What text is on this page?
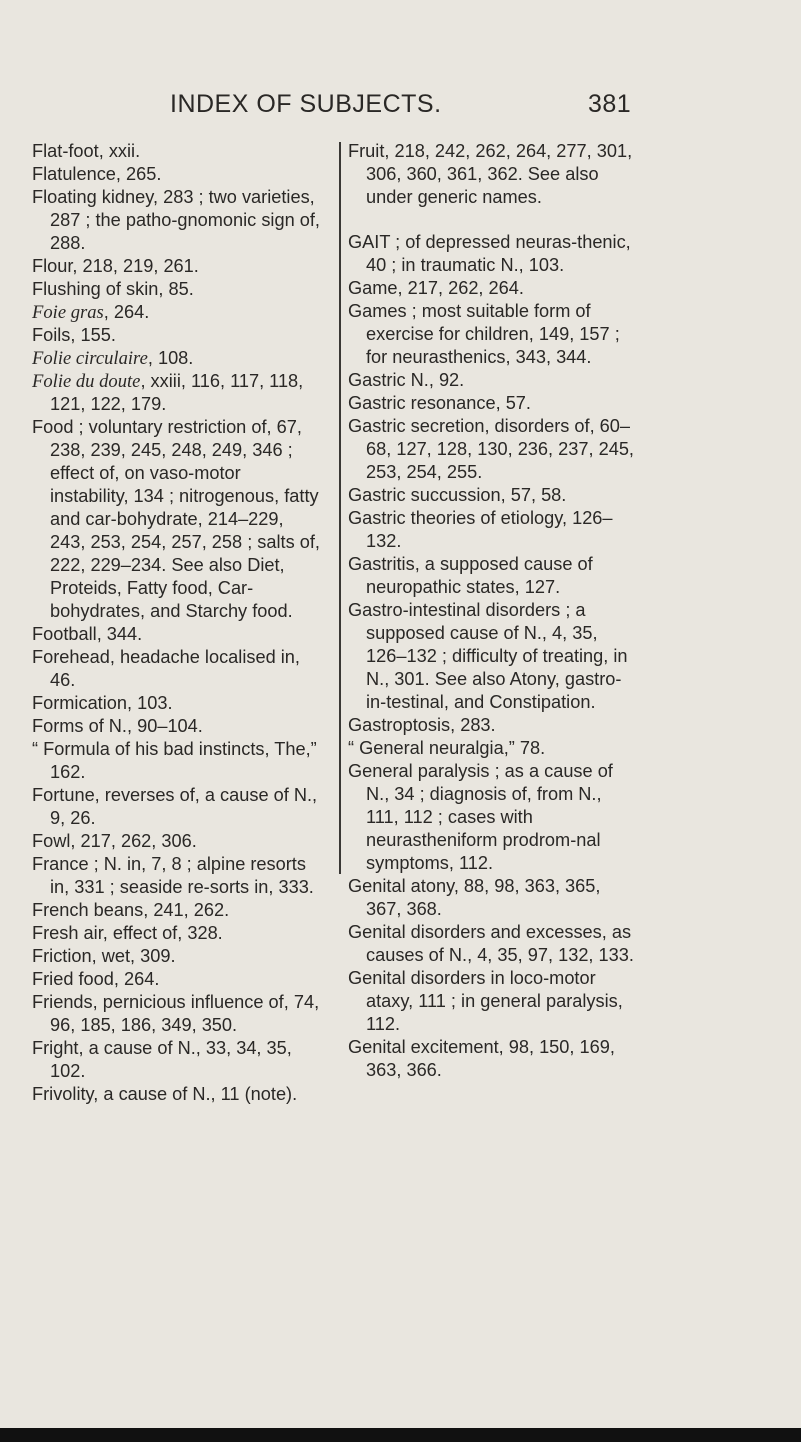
INDEX OF SUBJECTS.	381

Flat-foot, xxii.

Flatulence, 265.

Floating kidney, 283 ; two varieties, 287 ; the patho-gnomonic sign of, 288.

Flour, 218, 219, 261.

Flushing of skin, 85.

Foie gras, 264.

Foils, 155.

Folie circulaire, 108.

Folie du doute, xxiii, 116, 117, 118, 121, 122, 179.

Food ; voluntary restriction of, 67, 238, 239, 245, 248, 249, 346 ; effect of, on vaso-motor instability, 134 ; nitrogenous, fatty and car-bohydrate, 214–229, 243, 253, 254, 257, 258 ; salts of, 222, 229–234. See also Diet, Proteids, Fatty food, Car-bohydrates, and Starchy food.

Football, 344.

Forehead, headache localised in, 46.

Formication, 103.

Forms of N., 90–104.

“ Formula of his bad instincts, The,” 162.

Fortune, reverses of, a cause of N., 9, 26.

Fowl, 217, 262, 306.

France ; N. in, 7, 8 ; alpine resorts in, 331 ; seaside re-sorts in, 333.

French beans, 241, 262.

Fresh air, effect of, 328.

Friction, wet, 309.

Fried food, 264.

Friends, pernicious influence of, 74, 96, 185, 186, 349, 350.

Fright, a cause of N., 33, 34, 35, 102.

Frivolity, a cause of N., 11 (note).

Fruit, 218, 242, 262, 264, 277, 301, 306, 360, 361, 362. See also under generic names.

GAIT ; of depressed neuras-thenic, 40 ; in traumatic N., 103.

Game, 217, 262, 264.

Games ; most suitable form of exercise for children, 149, 157 ; for neurasthenics, 343, 344.

Gastric N., 92.

Gastric resonance, 57.

Gastric secretion, disorders of, 60–68, 127, 128, 130, 236, 237, 245, 253, 254, 255.

Gastric succussion, 57, 58.

Gastric theories of etiology, 126–132.

Gastritis, a supposed cause of neuropathic states, 127.

Gastro-intestinal disorders ; a supposed cause of N., 4, 35, 126–132 ; difficulty of treating, in N., 301. See also Atony, gastro-in-testinal, and Constipation.

Gastroptosis, 283.

“ General neuralgia,” 78.

General paralysis ; as a cause of N., 34 ; diagnosis of, from N., 111, 112 ; cases with neurastheniform prodrom-nal symptoms, 112.

Genital atony, 88, 98, 363, 365, 367, 368.

Genital disorders and excesses, as causes of N., 4, 35, 97, 132, 133.

Genital disorders in loco-motor ataxy, 111 ; in general paralysis, 112.

Genital excitement, 98, 150, 169, 363, 366.
